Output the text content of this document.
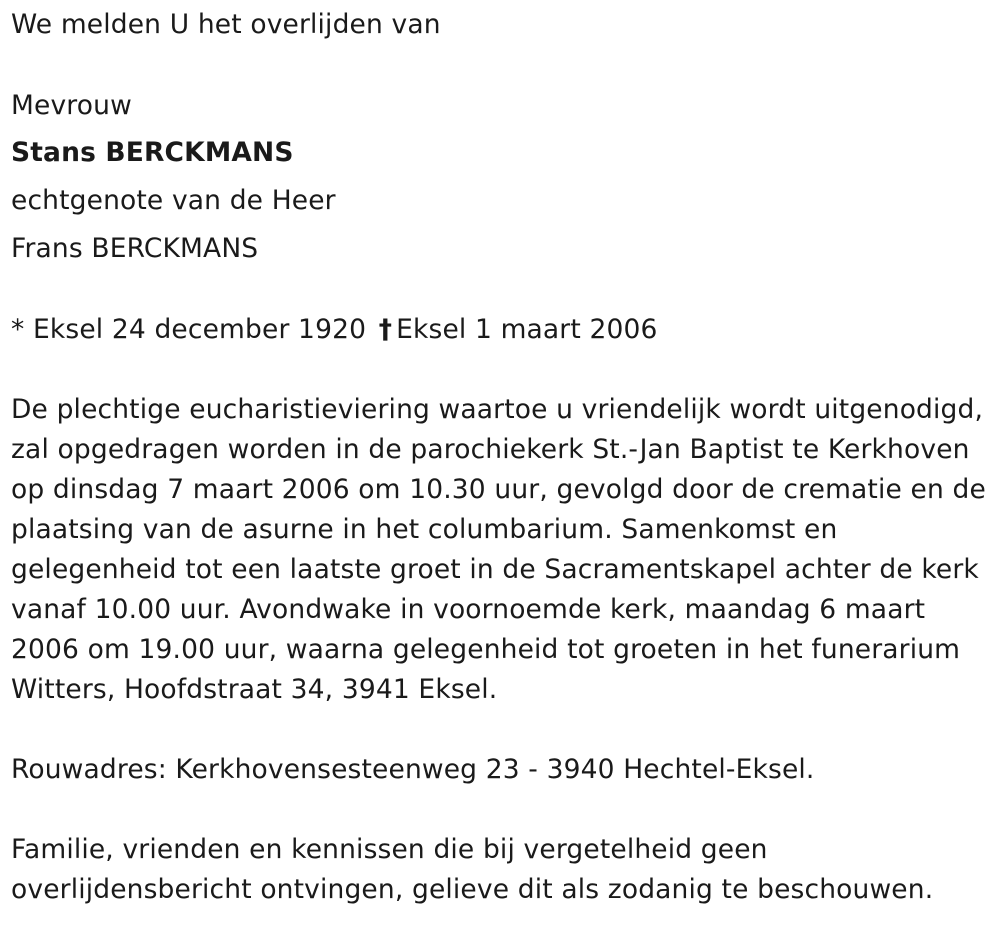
We melden U het overlijden van
Mevrouw
Stans BERCKMANS
echtgenote van de Heer
Frans BERCKMANS
* Eksel 24 december 1920 † Eksel 1 maart 2006
De plechtige eucharistieviering waartoe u vriendelijk wordt uitgenodigd,
zal opgedragen worden in de parochiekerk St.-Jan Baptist te Kerkhoven
op dinsdag 7 maart 2006 om 10.30 uur, gevolgd door de crematie en de
plaatsing van de asurne in het columbarium. Samenkomst en
gelegenheid tot een laatste groet in de Sacramentskapel achter de kerk
vanaf 10.00 uur. Avondwake in voornoemde kerk, maandag 6 maart
2006 om 19.00 uur, waarna gelegenheid tot groeten in het funerarium
Witters, Hoofdstraat 34, 3941 Eksel.
Rouwadres: Kerkhovensesteenweg 23 - 3940 Hechtel-Eksel.
Familie, vrienden en kennissen die bij vergetelheid geen
overlijdensbericht ontvingen, gelieve dit als zodanig te beschouwen.
